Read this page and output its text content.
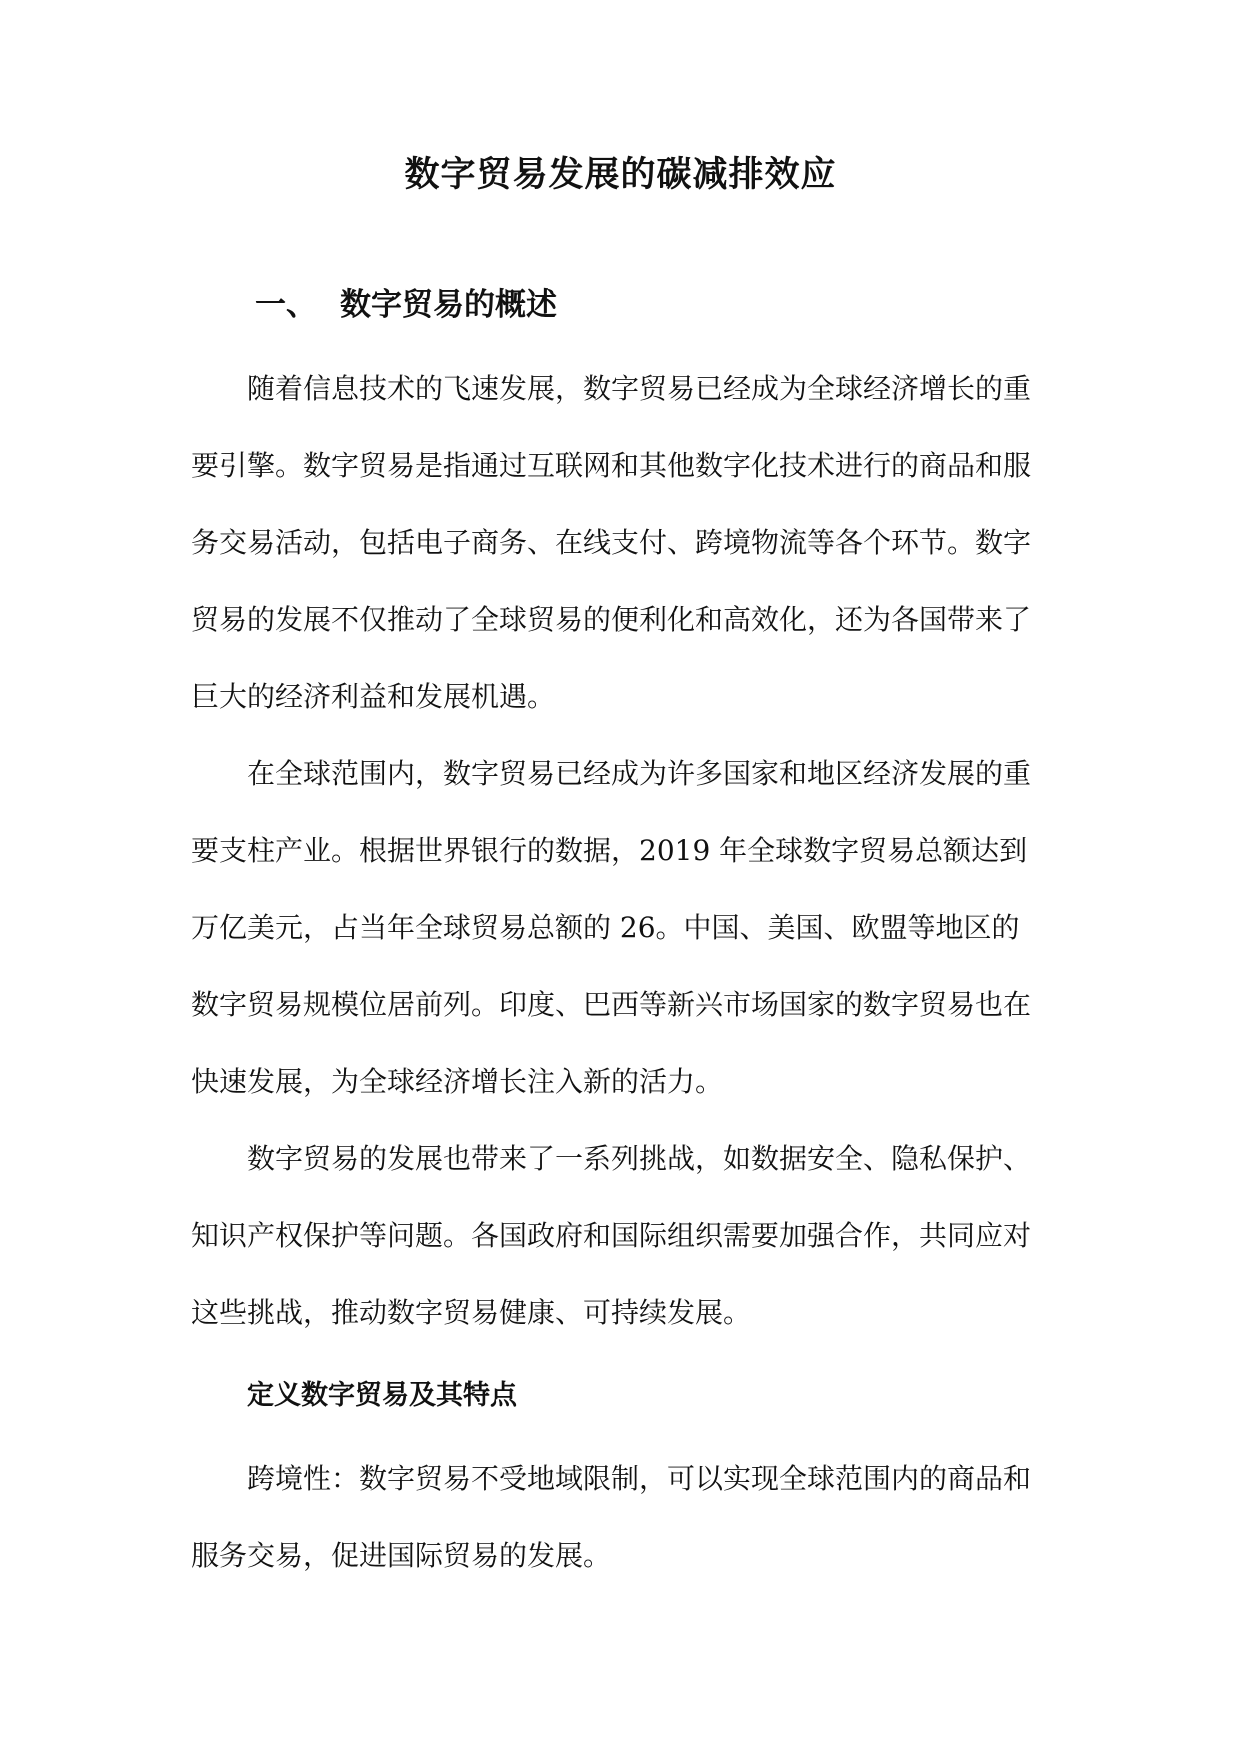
数字贸易发展的碳减排效应
一、 数字贸易的概述
随着信息技术的飞速发展，数字贸易已经成为全球经济增长的重
要引擎。数字贸易是指通过互联网和其他数字化技术进行的商品和服
务交易活动，包括电子商务、在线支付、跨境物流等各个环节。数字
贸易的发展不仅推动了全球贸易的便利化和高效化，还为各国带来了
巨大的经济利益和发展机遇。
在全球范围内，数字贸易已经成为许多国家和地区经济发展的重
要支柱产业。根据世界银行的数据，2019 年全球数字贸易总额达到
万亿美元，占当年全球贸易总额的 26。中国、美国、欧盟等地区的
数字贸易规模位居前列。印度、巴西等新兴市场国家的数字贸易也在
快速发展，为全球经济增长注入新的活力。
数字贸易的发展也带来了一系列挑战，如数据安全、隐私保护、
知识产权保护等问题。各国政府和国际组织需要加强合作，共同应对
这些挑战，推动数字贸易健康、可持续发展。
定义数字贸易及其特点
跨境性：数字贸易不受地域限制，可以实现全球范围内的商品和
服务交易，促进国际贸易的发展。
